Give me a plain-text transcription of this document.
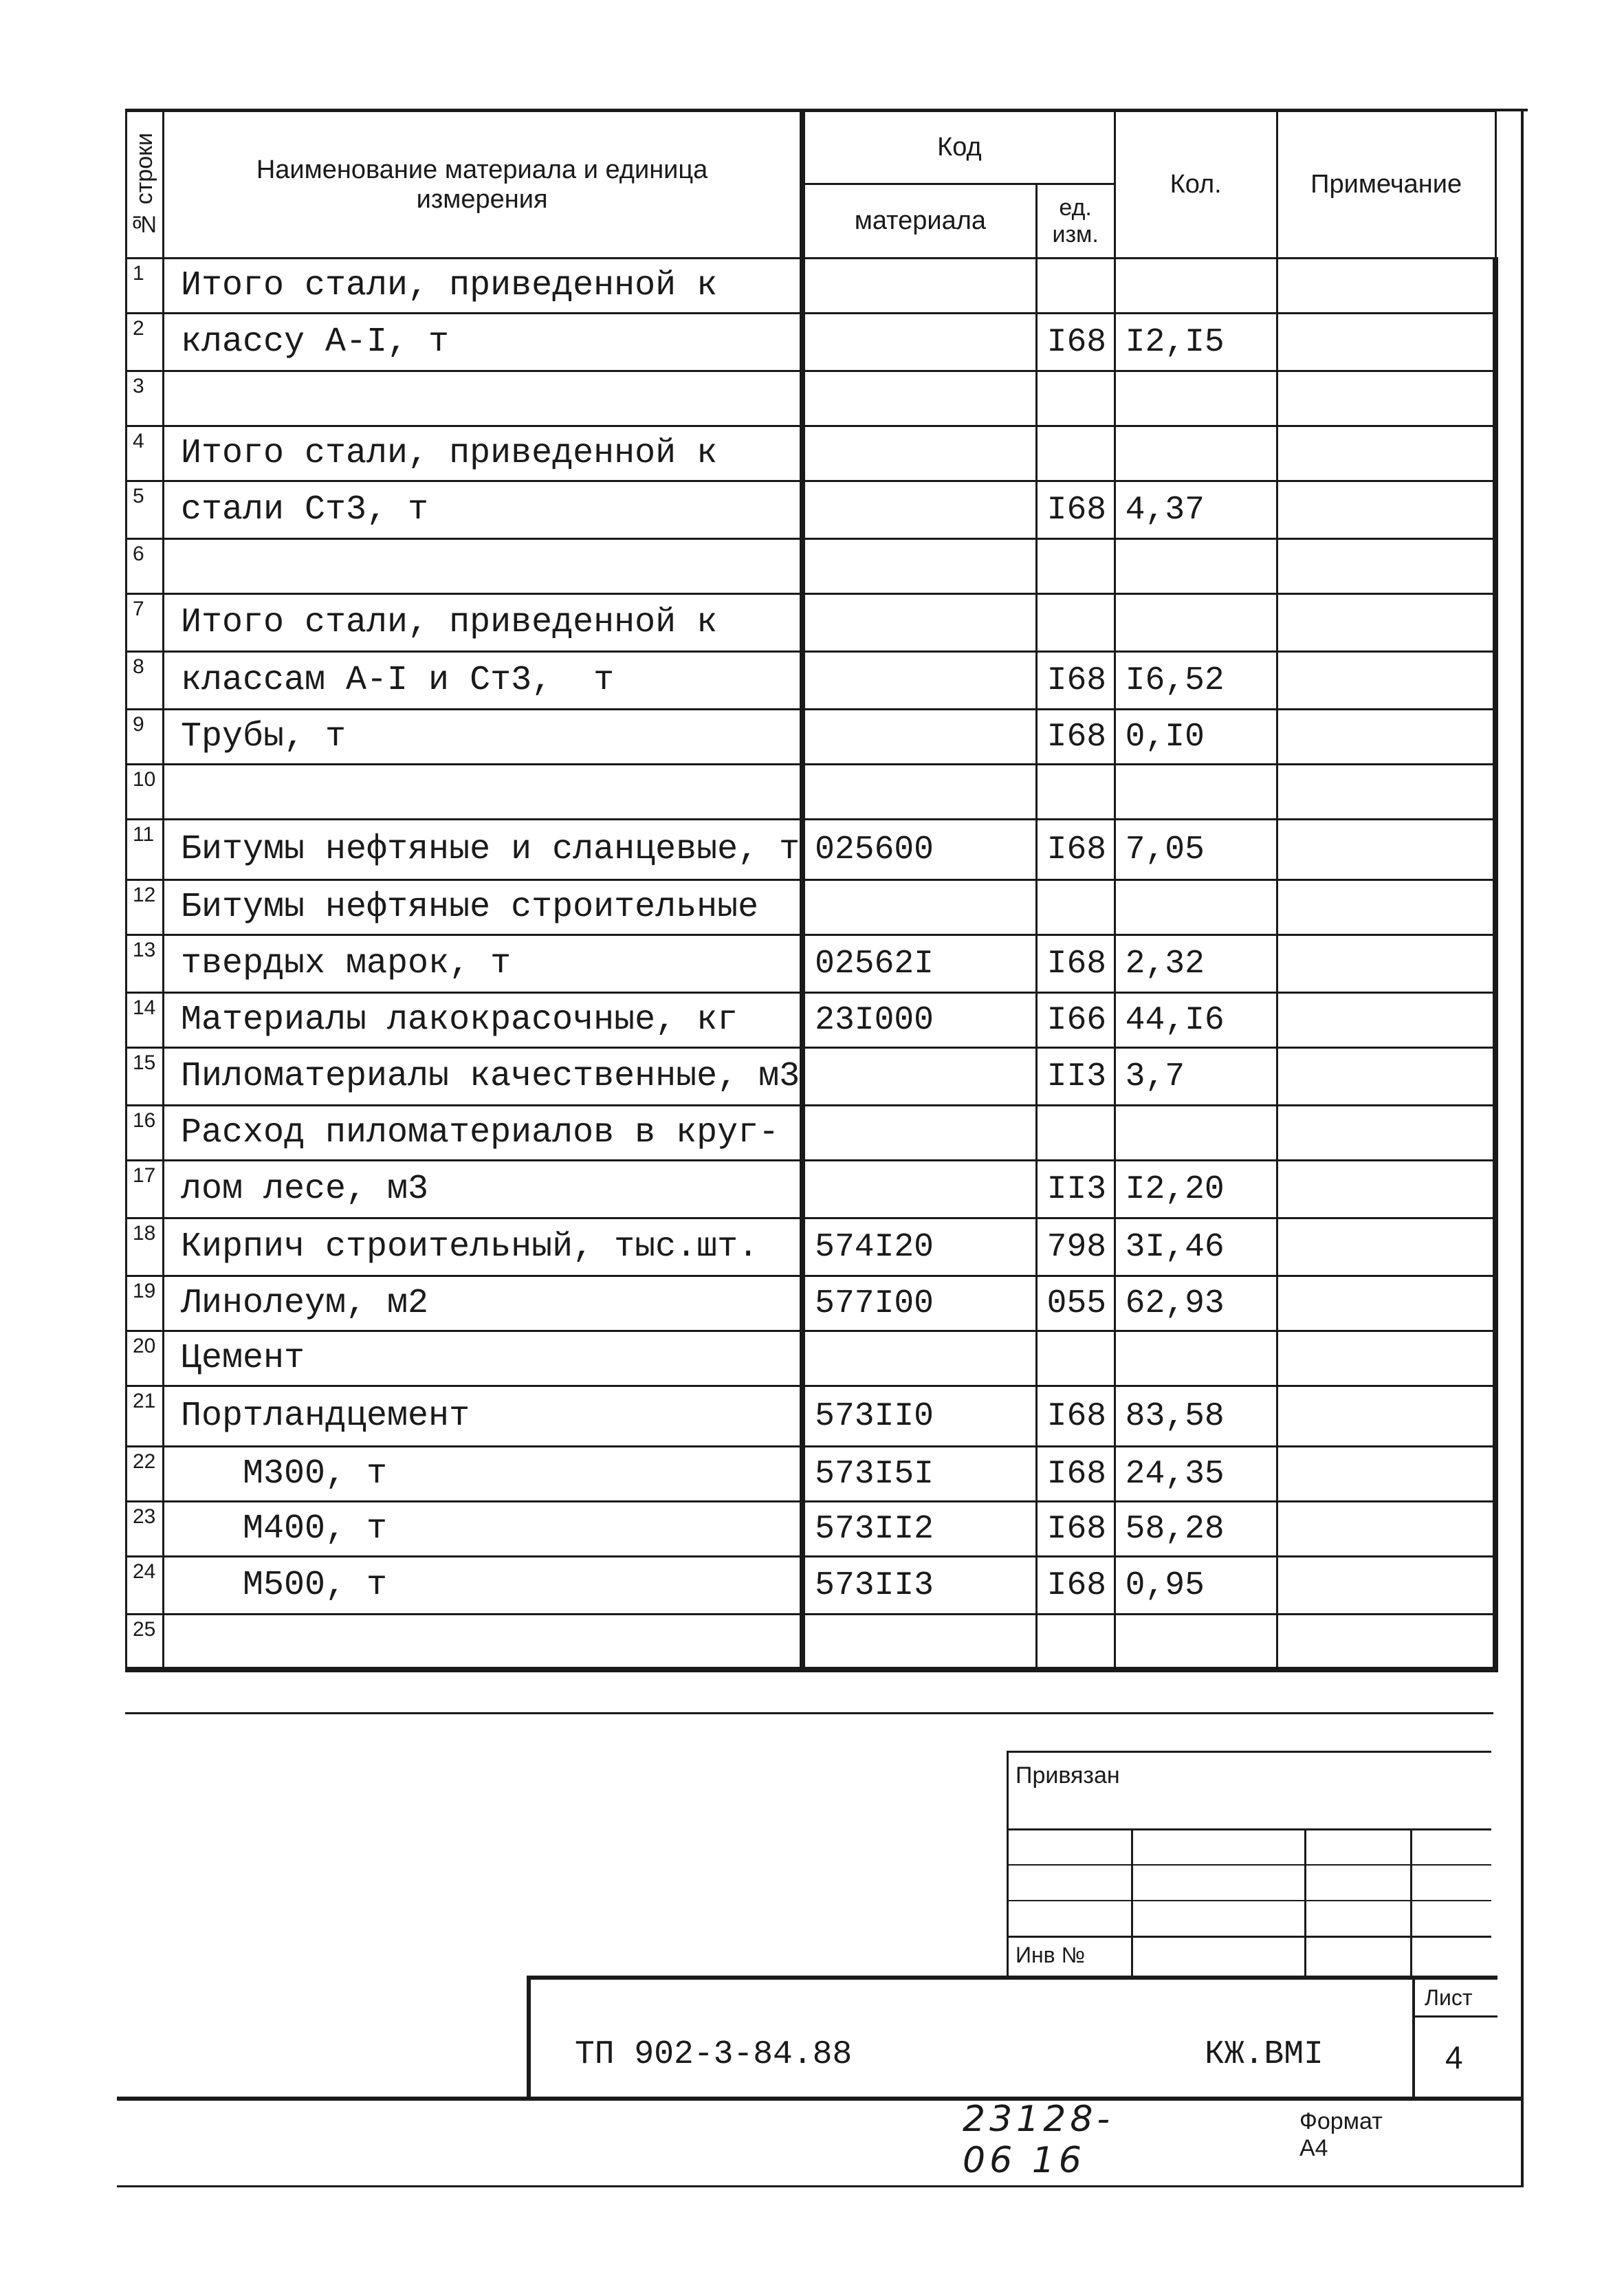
№ строки	Наименование материала и единица измерения	Код		Кол.	Примечание
		материала	ед. изм.		
1	Итого стали, приведенной к				
2	классу А-I, т		I68	I2,I5	
3					
4	Итого стали, приведенной к				
5	стали Ст3, т		I68	4,37	
6					
7	Итого стали, приведенной к				
8	классам А-I и Ст3,  т		I68	I6,52	
9	Трубы, т		I68	0,I0	
10					
11	Битумы нефтяные и сланцевые, т	025600	I68	7,05	
12	Битумы нефтяные строительные				
13	твердых марок, т	02562I	I68	2,32	
14	Материалы лакокрасочные, кг	23I000	I66	44,I6	
15	Пиломатериалы качественные, м3		II3	3,7	
16	Расход пиломатериалов в круг-				
17	лом лесе, м3		II3	I2,20	
18	Кирпич строительный, тыс.шт.	574I20	798	3I,46	
19	Линолеум, м2	577I00	055	62,93	
20	Цемент				
21	Портландцемент	573II0	I68	83,58	
22	М300, т	573I5I	I68	24,35	
23	М400, т	573II2	I68	58,28	
24	М500, т	573II3	I68	0,95	
25					
Привязан
Инв №
ТП 902-3-84.88	КЖ.ВМI
Лист
4
23128-06 16
Формат А4
